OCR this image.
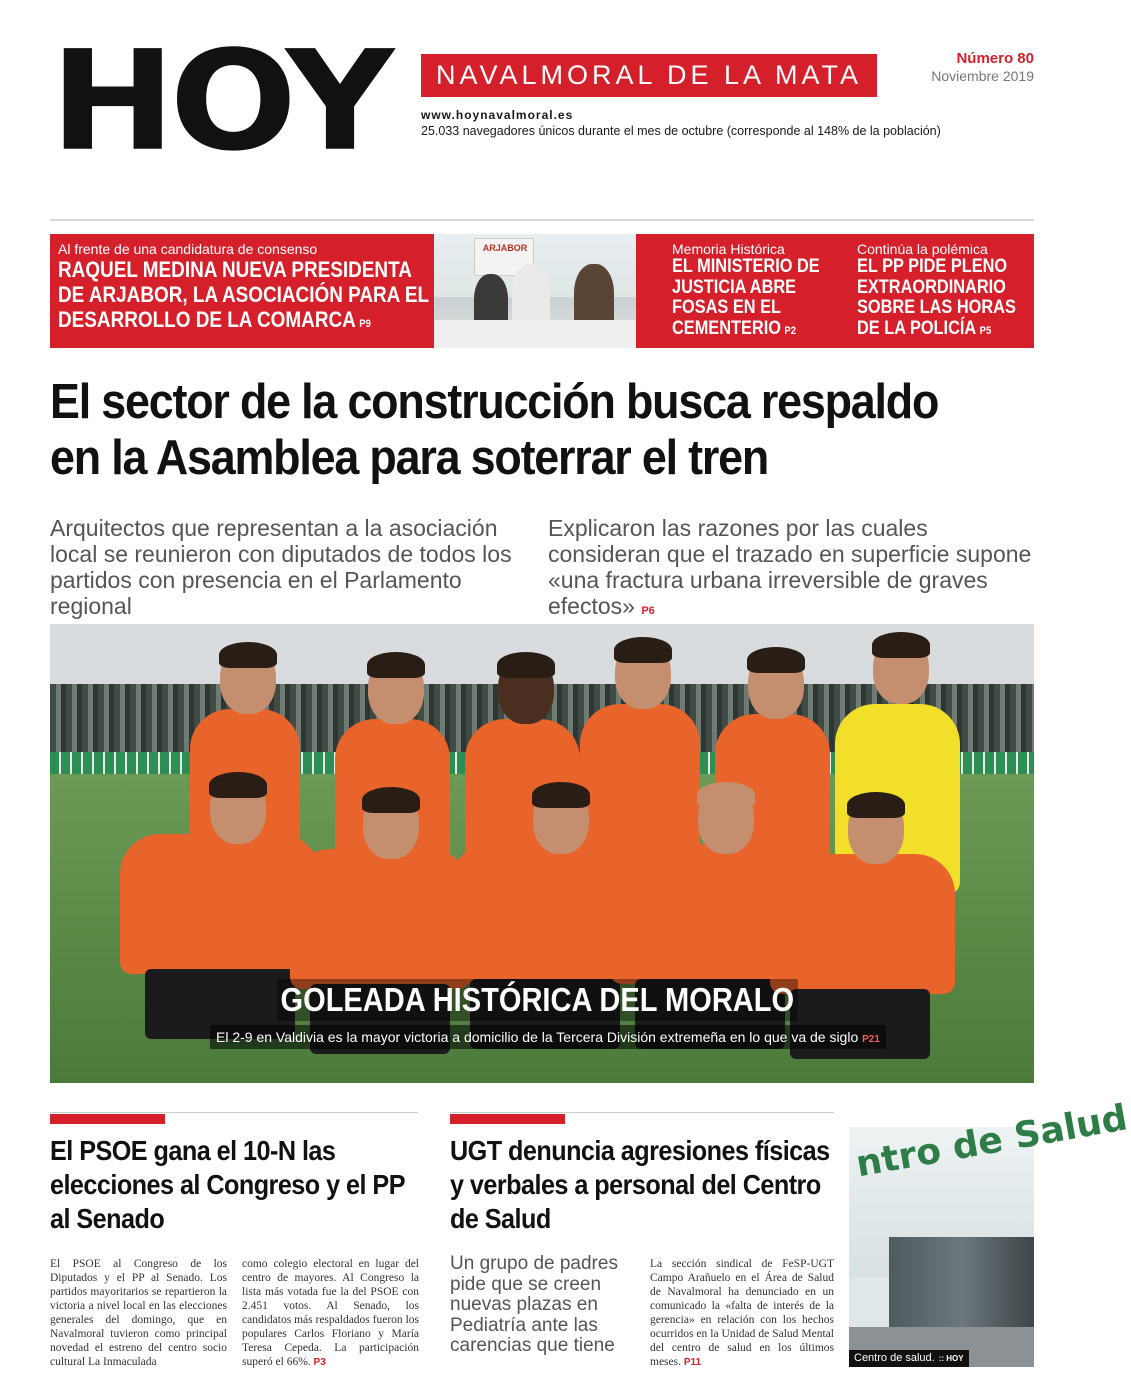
HOY	NAVALMORAL DE LA MATA
Número 80
Noviembre 2019
www.hoynavalmoral.es
25.033 navegadores únicos durante el mes de octubre (corresponde al 148% de la población)
Al frente de una candidatura de consenso
RAQUEL MEDINA NUEVA PRESIDENTA DE ARJABOR, LA ASOCIACIÓN PARA EL DESARROLLO DE LA COMARCA P9
ARJABOR	Memoria Histórica
EL MINISTERIO DE JUSTICIA ABRE FOSAS EN EL CEMENTERIO P2
Continúa la polémica
EL PP PIDE PLENO EXTRAORDINARIO SOBRE LAS HORAS DE LA POLICÍA P5
El sector de la construcción busca respaldo en la Asamblea para soterrar el tren
Arquitectos que representan a la asociación local se reunieron con diputados de todos los partidos con presencia en el Parlamento regional
Explicaron las razones por las cuales consideran que el trazado en superficie supone «una fractura urbana irreversible de graves efectos» P6
GOLEADA HISTÓRICA DEL MORALO
El 2-9 en Valdivia es la mayor victoria a domicilio de la Tercera División extremeña en lo que va de siglo P21
El PSOE gana el 10-N las elecciones al Congreso y el PP al Senado
El PSOE al Congreso de los Diputados y el PP al Senado. Los partidos mayoritarios se repartieron la victoria a nivel local en las elecciones generales del domingo, que en Navalmoral tuvieron como principal novedad el estreno del centro socio cultural La Inmaculada
como colegio electoral en lugar del centro de mayores. Al Congreso la lista más votada fue la del PSOE con 2.451 votos. Al Senado, los candidatos más respaldados fueron los populares Carlos Floriano y María Teresa Cepeda. La participación superó el 66%. P3
UGT denuncia agresiones físicas y verbales a personal del Centro de Salud
Un grupo de padres pide que se creen nuevas plazas en Pediatría ante las carencias que tiene
La sección sindical de FeSP-UGT Campo Arañuelo en el Área de Salud de Navalmoral ha denunciado en un comunicado la «falta de interés de la gerencia» en relación con los hechos ocurridos en la Unidad de Salud Mental del centro de salud en los últimos meses. P11
ntro de Salud
Centro de salud. :: HOY
